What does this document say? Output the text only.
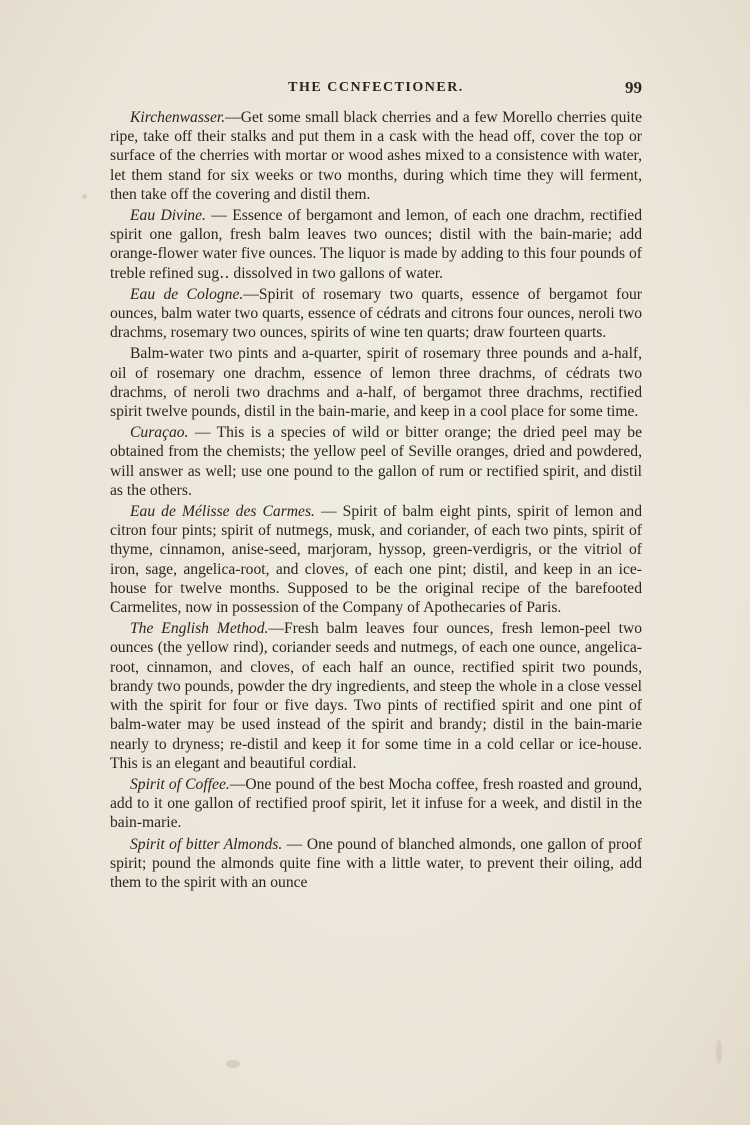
THE CCNFECTIONER.	99

Kirchenwasser.—Get some small black cherries and a few Morello cherries quite ripe, take off their stalks and put them in a cask with the head off, cover the top or surface of the cherries with mortar or wood ashes mixed to a consistence with water, let them stand for six weeks or two months, during which time they will ferment, then take off the covering and distil them.

Eau Divine. — Essence of bergamont and lemon, of each one drachm, rectified spirit one gallon, fresh balm leaves two ounces; distil with the bain-marie; add orange-flower water five ounces. The liquor is made by adding to this four pounds of treble refined sug‥ dissolved in two gallons of water.

Eau de Cologne.—Spirit of rosemary two quarts, essence of bergamot four ounces, balm water two quarts, essence of cédrats and citrons four ounces, neroli two drachms, rosemary two ounces, spirits of wine ten quarts; draw fourteen quarts.

Balm-water two pints and a-quarter, spirit of rosemary three pounds and a-half, oil of rosemary one drachm, essence of lemon three drachms, of cédrats two drachms, of neroli two drachms and a-half, of bergamot three drachms, rectified spirit twelve pounds, distil in the bain-marie, and keep in a cool place for some time.

Curaçao. — This is a species of wild or bitter orange; the dried peel may be obtained from the chemists; the yellow peel of Seville oranges, dried and powdered, will answer as well; use one pound to the gallon of rum or rectified spirit, and distil as the others.

Eau de Mélisse des Carmes. — Spirit of balm eight pints, spirit of lemon and citron four pints; spirit of nutmegs, musk, and coriander, of each two pints, spirit of thyme, cinnamon, anise-seed, marjoram, hyssop, green-verdigris, or the vitriol of iron, sage, angelica-root, and cloves, of each one pint; distil, and keep in an ice-house for twelve months. Supposed to be the original recipe of the barefooted Carmelites, now in possession of the Company of Apothecaries of Paris.

The English Method.—Fresh balm leaves four ounces, fresh lemon-peel two ounces (the yellow rind), coriander seeds and nutmegs, of each one ounce, angelica-root, cinnamon, and cloves, of each half an ounce, rectified spirit two pounds, brandy two pounds, powder the dry ingredients, and steep the whole in a close vessel with the spirit for four or five days. Two pints of rectified spirit and one pint of balm-water may be used instead of the spirit and brandy; distil in the bain-marie nearly to dryness; re-distil and keep it for some time in a cold cellar or ice-house. This is an elegant and beautiful cordial.

Spirit of Coffee.—One pound of the best Mocha coffee, fresh roasted and ground, add to it one gallon of rectified proof spirit, let it infuse for a week, and distil in the bain-marie.

Spirit of bitter Almonds. — One pound of blanched almonds, one gallon of proof spirit; pound the almonds quite fine with a little water, to prevent their oiling, add them to the spirit with an ounce
